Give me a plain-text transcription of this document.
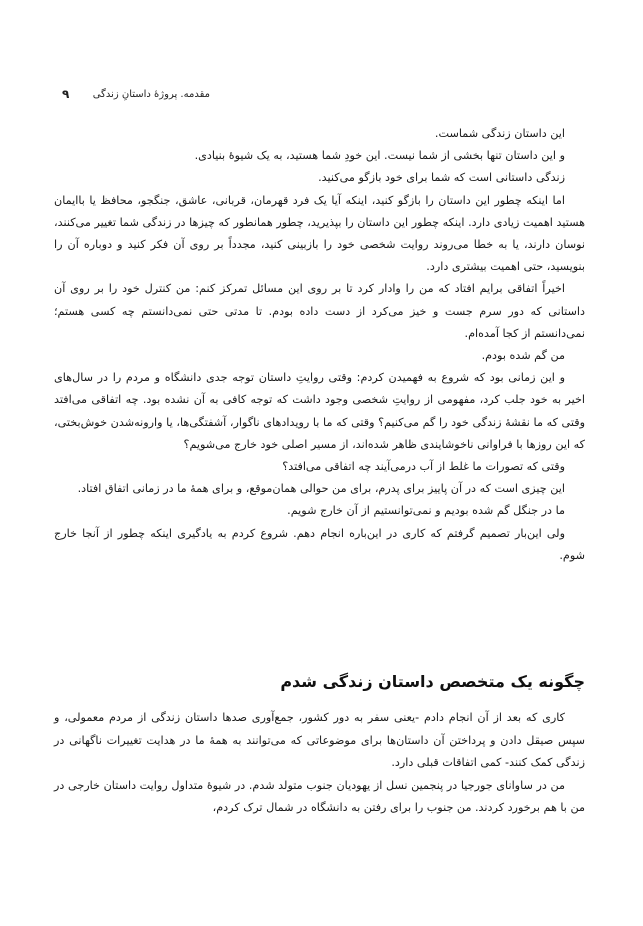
مقدمه. پروژهٔ داستانِ زندگی
۹

این داستان زندگی شماست.

و این داستان تنها بخشی از شما نیست. این خودِ شما هستید، به یک شیوهٔ بنیادی.

زندگی داستانی است که شما برای خود بازگو می‌کنید.

اما اینکه چطور این داستان را بازگو کنید، اینکه آیا یک فرد قهرمان، قربانی، عاشق، جنگجو، محافظ یا باایمان هستید اهمیت زیادی دارد. اینکه چطور این داستان را بپذیرید، چطور همانطور که چیزها در زندگی شما تغییر می‌کنند، نوسان دارند، یا به خطا می‌روند روایت شخصی خود را بازبینی کنید، مجدداً بر روی آن فکر کنید و دوباره آن را بنویسید، حتی اهمیت بیشتری دارد.

اخیراً اتفاقی برایم افتاد که من را وادار کرد تا بر روی این مسائل تمرکز کنم: من کنترل خود را بر روی آن داستانی که دور سرم جست و خیز می‌کرد از دست داده بودم. تا مدتی حتی نمی‌دانستم چه کسی هستم؛ نمی‌دانستم از کجا آمده‌ام.

من گم شده بودم.

و این زمانی بود که شروع به فهمیدن کردم: وقتی روایتِ داستان توجه جدی دانشگاه و مردم را در سال‌های اخیر به خود جلب کرد، مفهومی از روایتِ شخصی وجود داشت که توجه کافی به آن نشده بود. چه اتفاقی می‌افتد وقتی که ما نقشهٔ زندگی خود را گم می‌کنیم؟ وقتی که ما با رویدادهای ناگوار، آشفتگی‌ها، یا وارونه‌شدن خوش‌بختی، که این روزها با فراوانی ناخوشایندی ظاهر شده‌اند، از مسیر اصلی خود خارج می‌شویم؟

وقتی که تصورات ما غلط از آب درمی‌آیند چه اتفاقی می‌افتد؟

این چیزی است که در آن پاییز برای پدرم، برای من حوالی همان‌موقع، و برای همهٔ ما در زمانی اتفاق افتاد.

ما در جنگل گم شده بودیم و نمی‌توانستیم از آن خارج شویم.

ولی این‌بار تصمیم گرفتم که کاری در این‌باره انجام دهم. شروع کردم به یادگیری اینکه چطور از آنجا خارج شوم.

چگونه یک متخصص داستان زندگی شدم

کاری که بعد از آن انجام دادم -یعنی سفر به دور کشور، جمع‌آوری صدها داستان زندگی از مردم معمولی، و سپس صیقل دادن و پرداختن آن داستان‌ها برای موضوعاتی که می‌توانند به همهٔ ما در هدایت تغییرات ناگهانی در زندگی کمک کنند- کمی اتفاقات قبلی دارد.

من در ساوانای جورجیا در پنجمین نسل از یهودیان جنوب متولد شدم. در شیوهٔ متداول روایت داستان خارجی در من با هم برخورد کردند. من جنوب را برای رفتن به دانشگاه در شمال ترک کردم،
